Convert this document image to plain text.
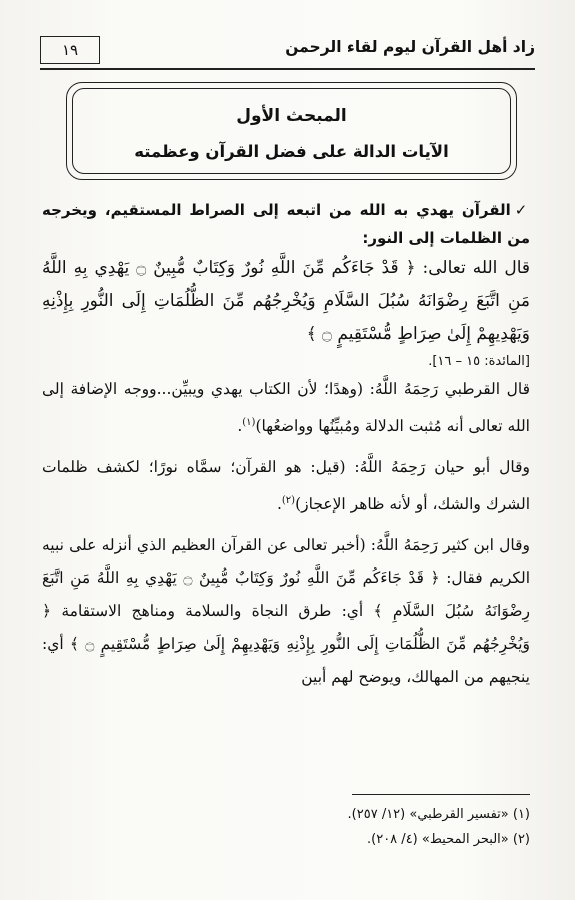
١٩	زاد أهل القرآن ليوم لقاء الرحمن
المبحث الأول
الآيات الدالة على فضل القرآن وعظمته

✓القرآن يهدي به الله من اتبعه إلى الصراط المستقيم، ويخرجه من الظلمات إلى النور:

قال الله تعالى: ﴿ قَدْ جَاءَكُم مِّنَ اللَّهِ نُورٌ وَكِتَابٌ مُّبِينٌ ۝ يَهْدِي بِهِ اللَّهُ مَنِ اتَّبَعَ رِضْوَانَهُ سُبُلَ السَّلَامِ وَيُخْرِجُهُم مِّنَ الظُّلُمَاتِ إِلَى النُّورِ بِإِذْنِهِ وَيَهْدِيهِمْ إِلَىٰ صِرَاطٍ مُّسْتَقِيمٍ ۝ ﴾

[المائدة: ١٥ – ١٦].

قال القرطبي رَحِمَهُ اللَّهُ: (وهدًا؛ لأن الكتاب يهدي ويبيِّن...ووجه الإضافة إلى الله تعالى أنه مُثبت الدلالة ومُبيِّنُها وواضعُها)$^{(١)}$.

وقال أبو حيان رَحِمَهُ اللَّهُ: (قيل: هو القرآن؛ سمَّاه نورًا؛ لكشف ظلمات الشرك والشك، أو لأنه ظاهر الإعجاز)$^{(٢)}$.

وقال ابن كثير رَحِمَهُ اللَّهُ: (أخبر تعالى عن القرآن العظيم الذي أنزله على نبيه الكريم فقال: ﴿ قَدْ جَاءَكُم مِّنَ اللَّهِ نُورٌ وَكِتَابٌ مُّبِينٌ ۝ يَهْدِي بِهِ اللَّهُ مَنِ اتَّبَعَ رِضْوَانَهُ سُبُلَ السَّلَامِ ﴾ أي: طرق النجاة والسلامة ومناهج الاستقامة ﴿ وَيُخْرِجُهُم مِّنَ الظُّلُمَاتِ إِلَى النُّورِ بِإِذْنِهِ وَيَهْدِيهِمْ إِلَىٰ صِرَاطٍ مُّسْتَقِيمٍ ۝ ﴾ أي: ينجيهم من المهالك، ويوضح لهم أبين

(١) «تفسير القرطبي» (١٢/ ٢٥٧).
(٢) «البحر المحيط» (٤/ ٢٠٨).
